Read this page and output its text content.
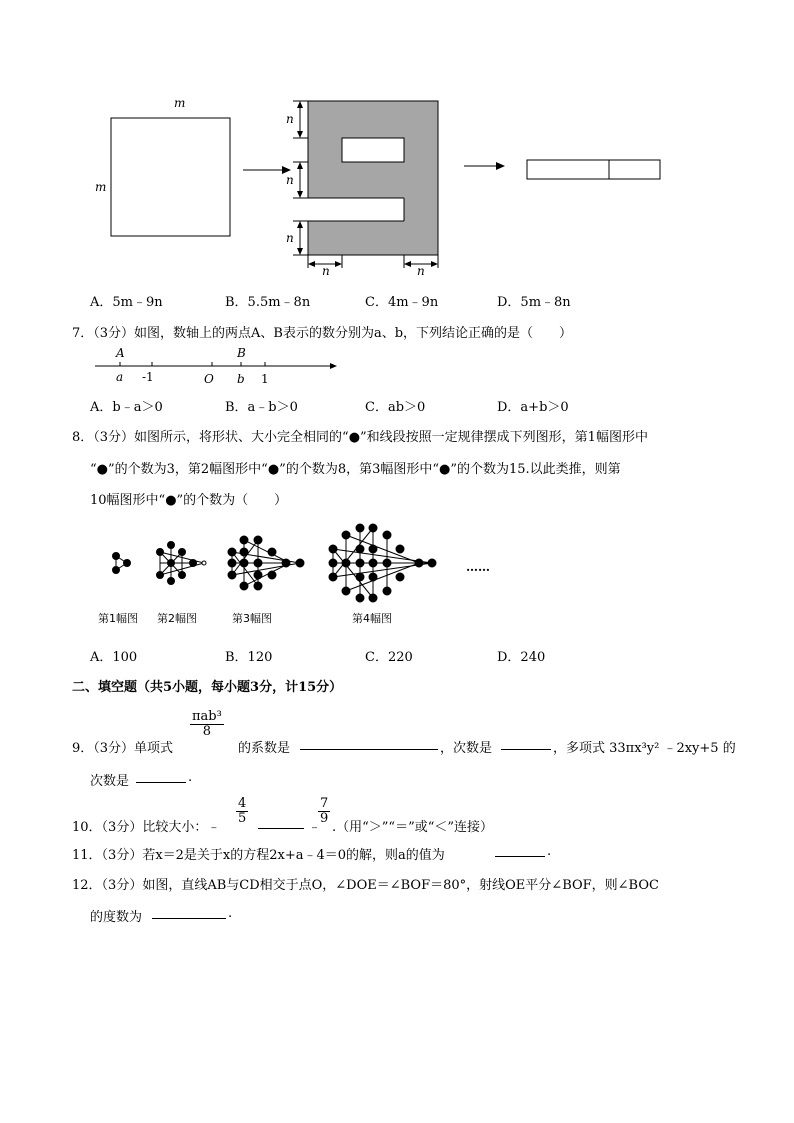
m
m
n
n
n
n	n
A．5m﹣9n	B．5.5m﹣8n	C．4m﹣9n	D．5m﹣8n
7．（3分）如图，数轴上的两点A、B表示的数分别为a、b，下列结论正确的是（　　）
A
a -1	O
B
b 1
A．b﹣a＞0	B．a﹣b＞0	C．ab＞0	D．a+b＞0
8．（3分）如图所示，将形状、大小完全相同的“●”和线段按照一定规律摆成下列图形，第1幅图形中
“●”的个数为3，第2幅图形中“●”的个数为8，第3幅图形中“●”的个数为15.以此类推，则第
10幅图形中“●”的个数为（　　）
……
第1幅图 第2幅图	第3幅图	第4幅图
A．100	B．120	C．220	D．240
二、填空题（共5小题，每小题3分，计15分）
9．（3分）单项式
πab³
8
的系数是	，次数是	，多项式 33πx³y² ﹣2xy+5 的
次数是	.
10．（3分）比较大小：﹣
$\frac{4}{5}$
﹣
$\frac{7}{9}$
.（用“＞”“＝”或“＜”连接）
11．（3分）若x＝2是关于x的方程2x+a﹣4＝0的解，则a的值为	.
12．（3分）如图，直线AB与CD相交于点O，∠DOE＝∠BOF＝80°，射线OE平分∠BOF，则∠BOC
的度数为	.
